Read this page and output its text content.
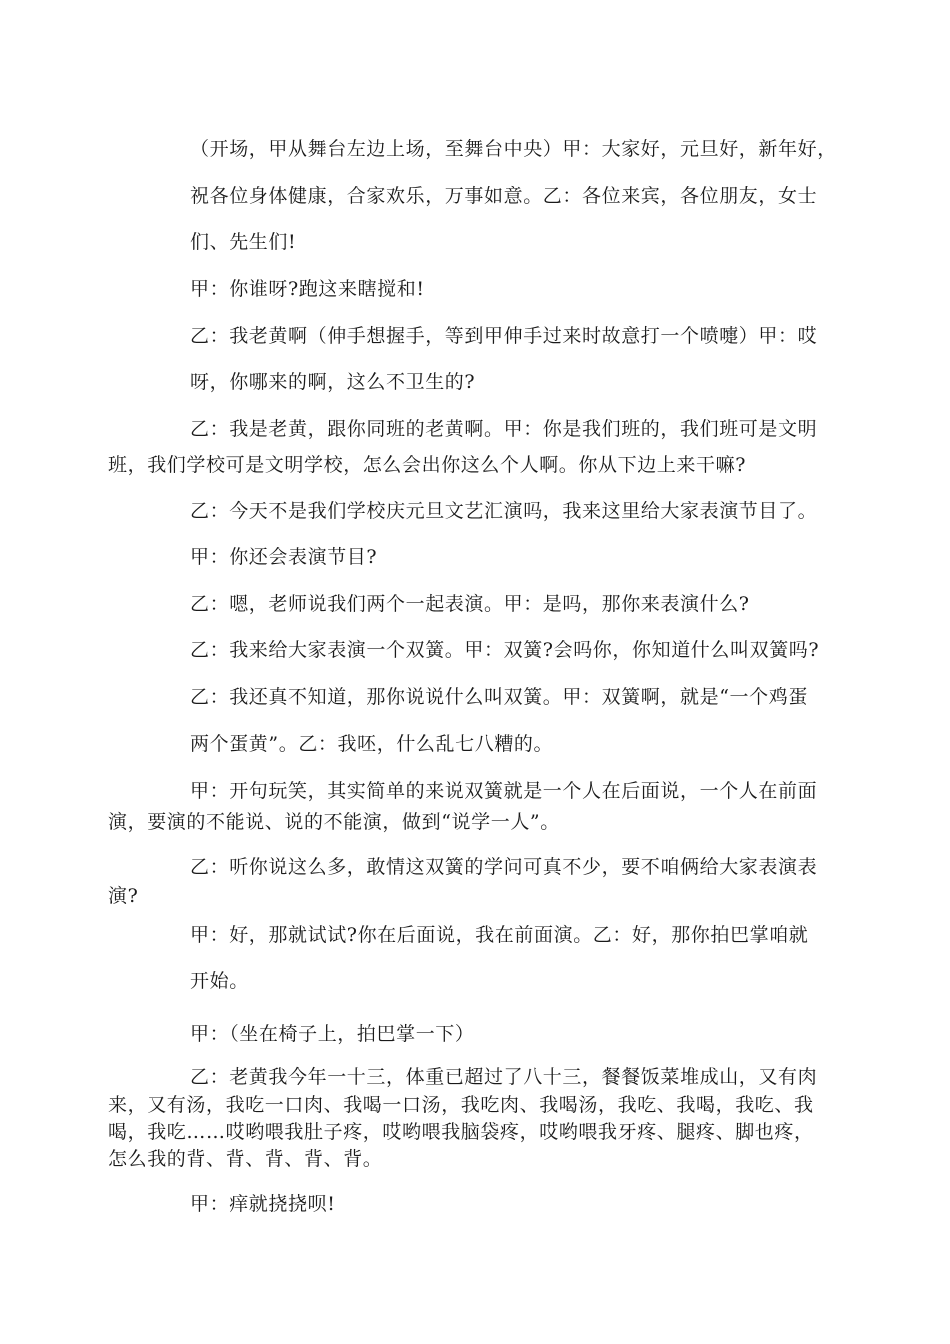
（开场，甲从舞台左边上场，至舞台中央）甲：大家好，元旦好，新年好，
祝各位身体健康，合家欢乐，万事如意。乙：各位来宾，各位朋友，女士
们、先生们!
甲：你谁呀?跑这来瞎搅和!
乙：我老黄啊（伸手想握手，等到甲伸手过来时故意打一个喷嚏）甲：哎
呀，你哪来的啊，这么不卫生的?
乙：我是老黄，跟你同班的老黄啊。甲：你是我们班的，我们班可是文明
班，我们学校可是文明学校，怎么会出你这么个人啊。你从下边上来干嘛?
乙：今天不是我们学校庆元旦文艺汇演吗，我来这里给大家表演节目了。
甲：你还会表演节目?
乙：嗯，老师说我们两个一起表演。甲：是吗，那你来表演什么?
乙：我来给大家表演一个双簧。甲：双簧?会吗你，你知道什么叫双簧吗?
乙：我还真不知道，那你说说什么叫双簧。甲：双簧啊，就是“一个鸡蛋
两个蛋黄”。乙：我呸，什么乱七八糟的。
甲：开句玩笑，其实简单的来说双簧就是一个人在后面说，一个人在前面
演，要演的不能说、说的不能演，做到“说学一人”。
乙：听你说这么多，敢情这双簧的学问可真不少，要不咱俩给大家表演表
演?
甲：好，那就试试?你在后面说，我在前面演。乙：好，那你拍巴掌咱就
开始。
甲：（坐在椅子上，拍巴掌一下）
乙：老黄我今年一十三，体重已超过了八十三，餐餐饭菜堆成山，又有肉
来，又有汤，我吃一口肉、我喝一口汤，我吃肉、我喝汤，我吃、我喝，我吃、我
喝，我吃……哎哟喂我肚子疼，哎哟喂我脑袋疼，哎哟喂我牙疼、腿疼、脚也疼，
怎么我的背、背、背、背、背。
甲：痒就挠挠呗!
